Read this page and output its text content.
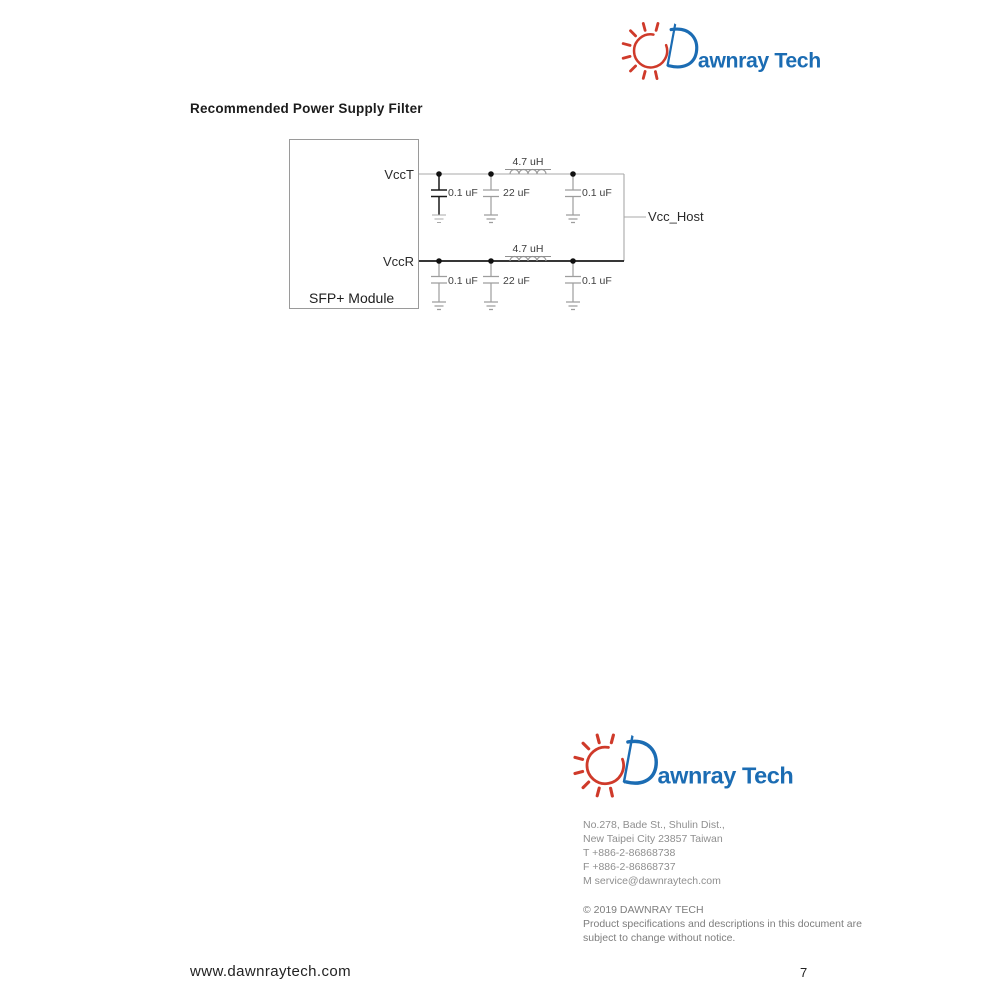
awnray Tech
Recommended Power Supply Filter
VccT
VccR
SFP+ Module
Vcc_Host
4.7 uH
4.7 uH
0.1 uF 22 uF	0.1 uF
0.1 uF 22 uF	0.1 uF
awnray Tech
No.278, Bade St., Shulin Dist.,
New Taipei City 23857 Taiwan
T +886-2-86868738
F +886-2-86868737
M service@dawnraytech.com
© 2019 DAWNRAY TECH
Product specifications and descriptions in this document are
subject to change without notice.
www.dawnraytech.com	7
